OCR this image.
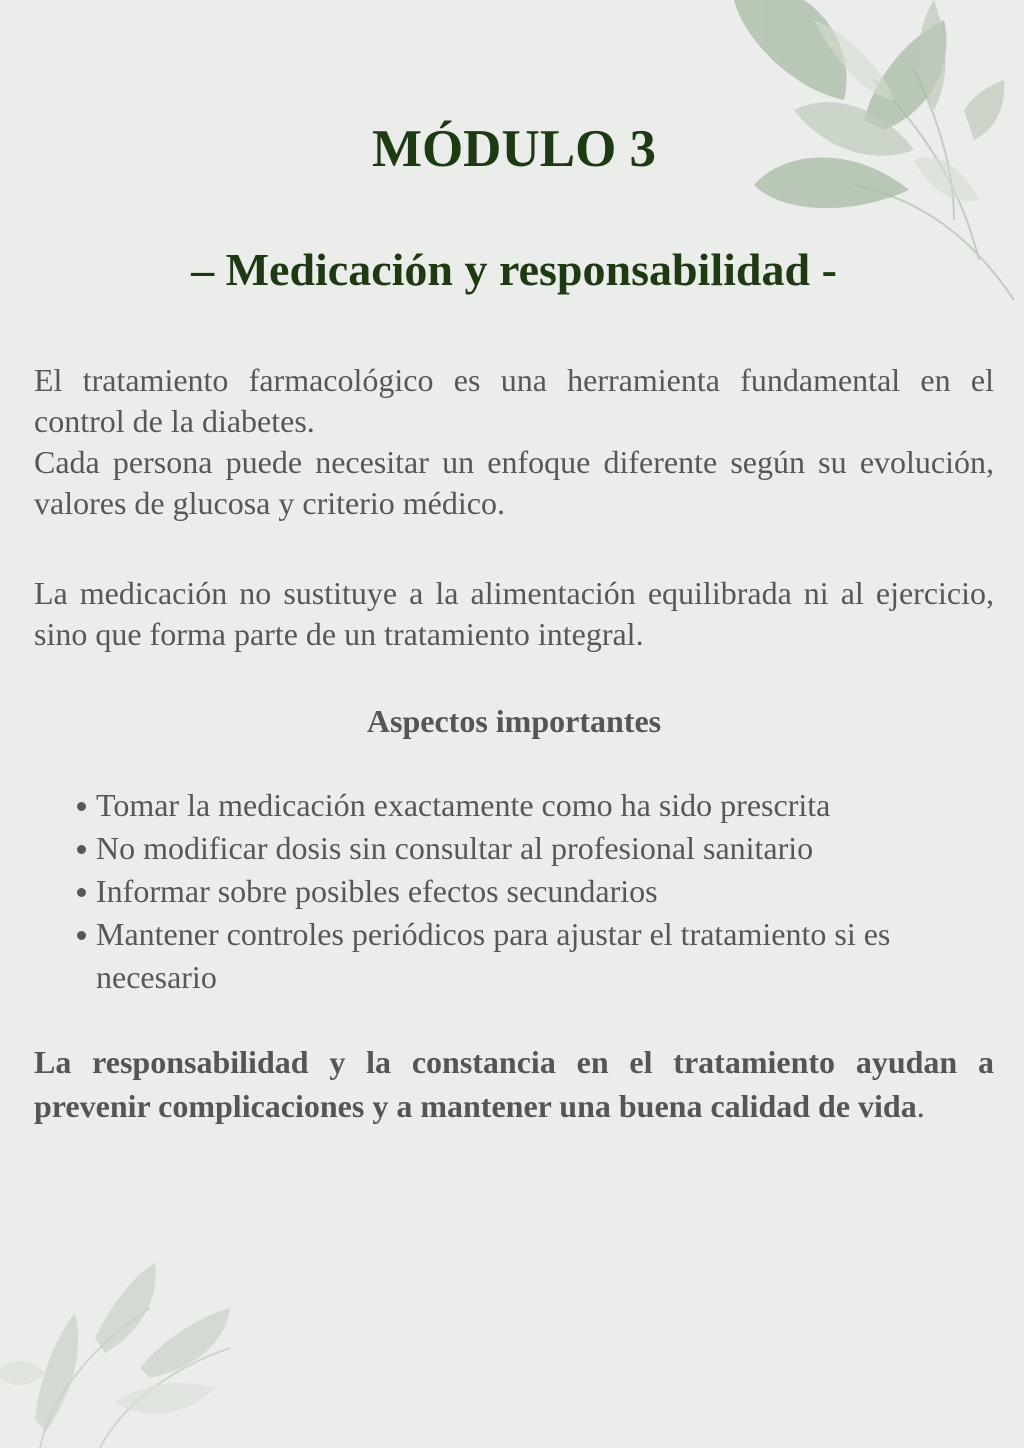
MÓDULO 3
– Medicación y responsabilidad -

El tratamiento farmacológico es una herramienta fundamental en el control de la diabetes.

Cada persona puede necesitar un enfoque diferente según su evolución, valores de glucosa y criterio médico.

La medicación no sustituye a la alimentación equilibrada ni al ejercicio, sino que forma parte de un tratamiento integral.

Aspectos importantes
Tomar la medicación exactamente como ha sido prescrita
No modificar dosis sin consultar al profesional sanitario
Informar sobre posibles efectos secundarios
Mantener controles periódicos para ajustar el tratamiento si es necesario

La responsabilidad y la constancia en el tratamiento ayudan a prevenir complicaciones y a mantener una buena calidad de vida.
